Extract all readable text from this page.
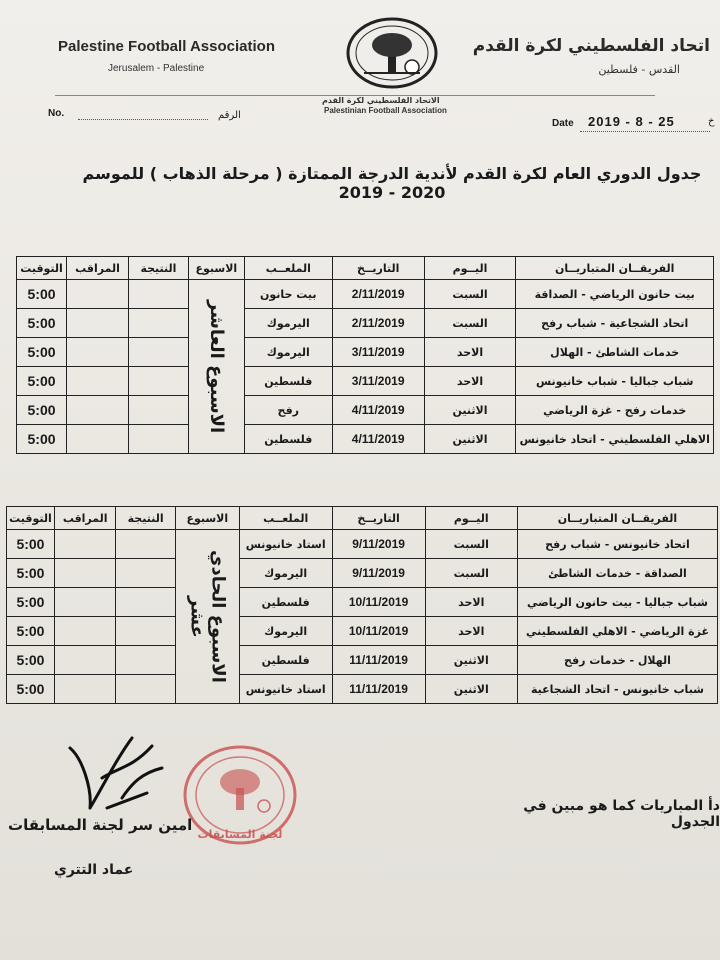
Palestine Football Association
Jerusalem - Palestine
اتحاد الفلسطيني لكرة القدم
القدس - فلسطين
الاتحاد الفلسطيني لكرة القدم
Palestinian Football Association
No.	الرقم
Date 2019 - 8 - 25	خ
جدول الدوري العام لكرة القدم لأندية الدرجة الممتازة ( مرحلة الذهاب ) للموسم 2020 - 2019
الفريقــان المتباريــان	اليــوم	التاريــخ	الملعــب	الاسبوع	النتيجة	المراقب	التوقيت
بيت حانون الرياضي - الصداقة	السبت	2/11/2019	بيت حانون	الاسبوع العاشر			5:00
اتحاد الشجاعية - شباب رفح	السبت	2/11/2019	اليرموك				5:00
خدمات الشاطئ - الهلال	الاحد	3/11/2019	اليرموك				5:00
شباب جباليا - شباب خانيونس	الاحد	3/11/2019	فلسطين				5:00
خدمات رفح - غزة الرياضي	الاثنين	4/11/2019	رفح				5:00
الاهلي الفلسطيني - اتحاد خانيونس	الاثنين	4/11/2019	فلسطين				5:00
الفريقــان المتباريــان	اليــوم	التاريــخ	الملعــب	الاسبوع	النتيجة	المراقب	التوقيت
اتحاد خانيونس - شباب رفح	السبت	9/11/2019	استاد خانيونس	الاسبوع الحادي عشر			5:00
الصداقة - خدمات الشاطئ	السبت	9/11/2019	اليرموك				5:00
شباب جباليا - بيت حانون الرياضي	الاحد	10/11/2019	فلسطين				5:00
غزة الرياضي - الاهلي الفلسطيني	الاحد	10/11/2019	اليرموك				5:00
الهلال - خدمات رفح	الاثنين	11/11/2019	فلسطين				5:00
شباب خانيونس - اتحاد الشجاعية	الاثنين	11/11/2019	استاد خانيونس				5:00
دأ المباريات كما هو مبين في الجدول
لجنة المسابقات
امين سر لجنة المسابقات
عماد التتري
